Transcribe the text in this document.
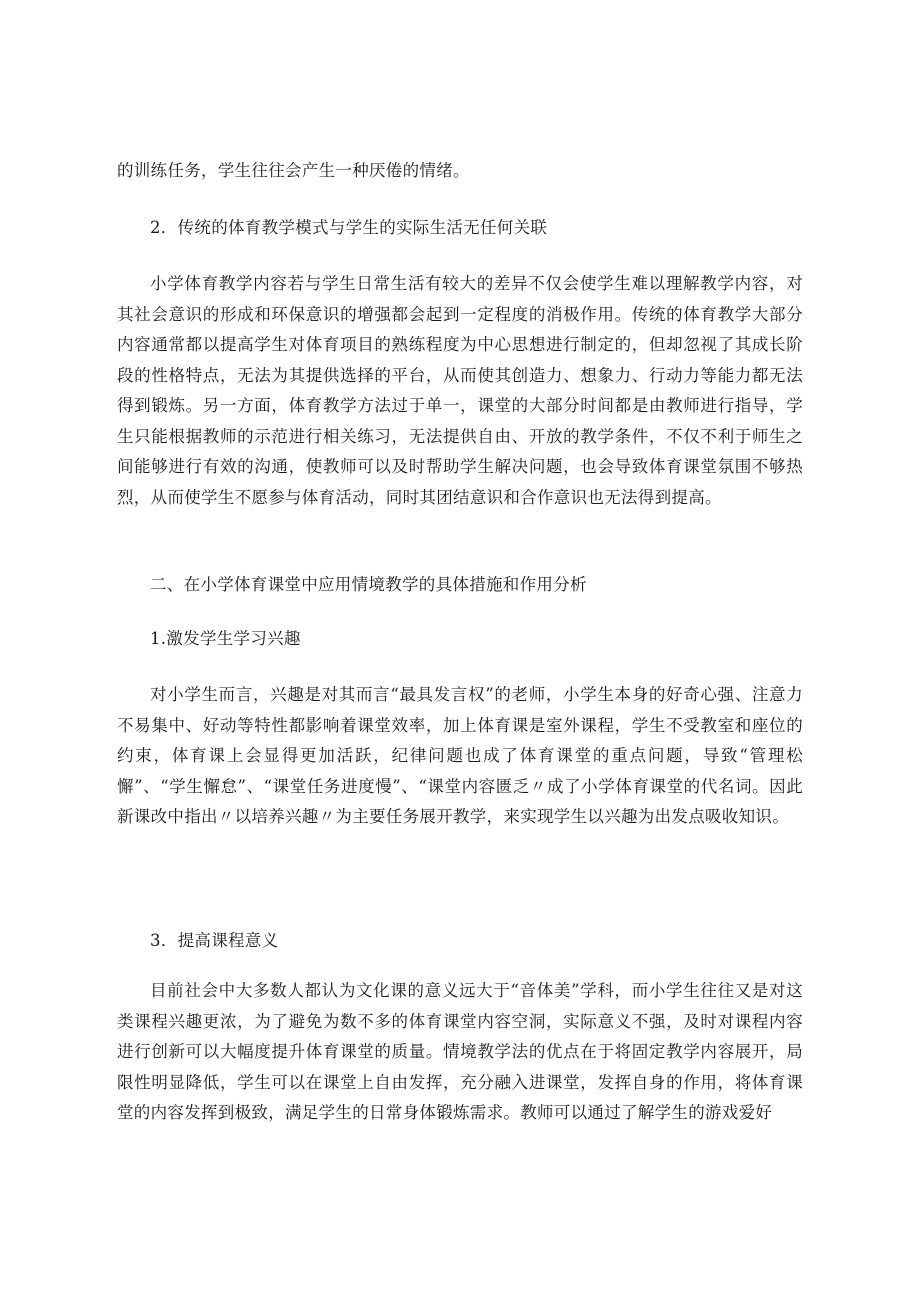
的训练任务，学生往往会产生一种厌倦的情绪。

2．传统的体育教学模式与学生的实际生活无任何关联

小学体育教学内容若与学生日常生活有较大的差异不仅会使学生难以理解教学内容，对其社会意识的形成和环保意识的增强都会起到一定程度的消极作用。传统的体育教学大部分内容通常都以提高学生对体育项目的熟练程度为中心思想进行制定的，但却忽视了其成长阶段的性格特点，无法为其提供选择的平台，从而使其创造力、想象力、行动力等能力都无法得到锻炼。另一方面，体育教学方法过于单一，课堂的大部分时间都是由教师进行指导，学生只能根据教师的示范进行相关练习，无法提供自由、开放的教学条件，不仅不利于师生之间能够进行有效的沟通，使教师可以及时帮助学生解决问题，也会导致体育课堂氛围不够热烈，从而使学生不愿参与体育活动，同时其团结意识和合作意识也无法得到提高。

二、在小学体育课堂中应用情境教学的具体措施和作用分析

1.激发学生学习兴趣

对小学生而言，兴趣是对其而言“最具发言权”的老师，小学生本身的好奇心强、注意力不易集中、好动等特性都影响着课堂效率，加上体育课是室外课程，学生不受教室和座位的约束，体育课上会显得更加活跃，纪律问题也成了体育课堂的重点问题，导致“管理松懈”、“学生懈怠”、“课堂任务进度慢”、“课堂内容匮乏〃成了小学体育课堂的代名词。因此新课改中指出〃以培养兴趣〃为主要任务展开教学，来实现学生以兴趣为出发点吸收知识。

3．提高课程意义

目前社会中大多数人都认为文化课的意义远大于“音体美”学科，而小学生往往又是对这类课程兴趣更浓，为了避免为数不多的体育课堂内容空洞，实际意义不强，及时对课程内容进行创新可以大幅度提升体育课堂的质量。情境教学法的优点在于将固定教学内容展开，局限性明显降低，学生可以在课堂上自由发挥，充分融入进课堂，发挥自身的作用，将体育课堂的内容发挥到极致，满足学生的日常身体锻炼需求。教师可以通过了解学生的游戏爱好
